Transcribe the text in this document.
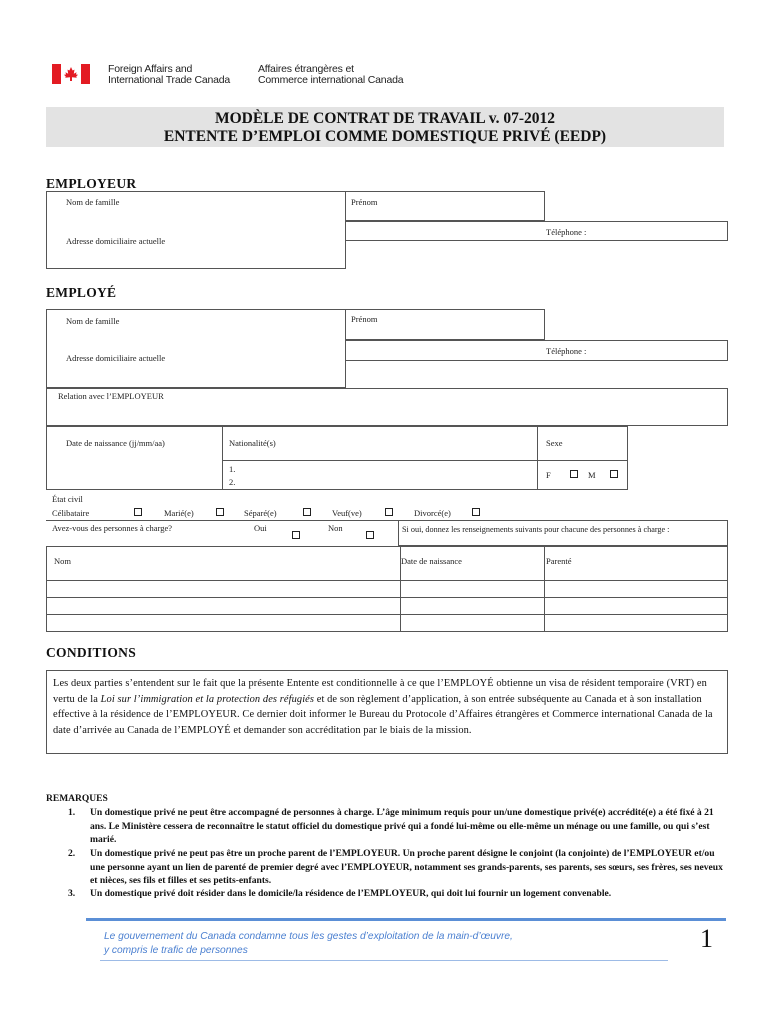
Foreign Affairs and
International Trade Canada
Affaires étrangères et
Commerce international Canada
MODÈLE DE CONTRAT DE TRAVAIL v. 07-2012
ENTENTE D’EMPLOI COMME DOMESTIQUE PRIVÉ (EEDP)
EMPLOYEUR
Nom de famille	Prénom
Téléphone :
Adresse domiciliaire actuelle
EMPLOYÉ
Nom de famille	Prénom
Téléphone :
Adresse domiciliaire actuelle
Relation avec l’EMPLOYEUR
Date de naissance (jj/mm/aa)	Nationalité(s)
1.
2.
Sexe
F	M
État civil
Célibataire	Marié(e)	Séparé(e)	Veuf(ve)	Divorcé(e)
Avez-vous des personnes à charge?	Oui	Non	Si oui, donnez les renseignements suivants pour chacune des personnes à charge :
Nom	Date de naissance	Parenté
CONDITIONS
Les deux parties s’entendent sur le fait que la présente Entente est conditionnelle à ce que l’EMPLOYÉ obtienne un visa de résident temporaire (VRT) en vertu de la Loi sur l’immigration et la protection des réfugiés et de son règlement d’application, à son entrée subséquente au Canada et à son installation effective à la résidence de l’EMPLOYEUR. Ce dernier doit informer le Bureau du Protocole d’Affaires étrangères et Commerce international Canada de la date d’arrivée au Canada de l’EMPLOYÉ et demander son accréditation par le biais de la mission.
REMARQUES
1. Un domestique privé ne peut être accompagné de personnes à charge. L’âge minimum requis pour un/une domestique privé(e) accrédité(e) a été fixé à 21 ans. Le Ministère cessera de reconnaître le statut officiel du domestique privé qui a fondé lui-même ou elle-même un ménage ou une famille, ou qui s’est marié.
2. Un domestique privé ne peut pas être un proche parent de l’EMPLOYEUR. Un proche parent désigne le conjoint (la conjointe) de l’EMPLOYEUR et/ou une personne ayant un lien de parenté de premier degré avec l’EMPLOYEUR, notamment ses grands-parents, ses parents, ses sœurs, ses frères, ses neveux et nièces, ses fils et filles et ses petits-enfants.
3. Un domestique privé doit résider dans le domicile/la résidence de l’EMPLOYEUR, qui doit lui fournir un logement convenable.
Le gouvernement du Canada condamne tous les gestes d’exploitation de la main-d’œuvre,
y compris le trafic de personnes	1
